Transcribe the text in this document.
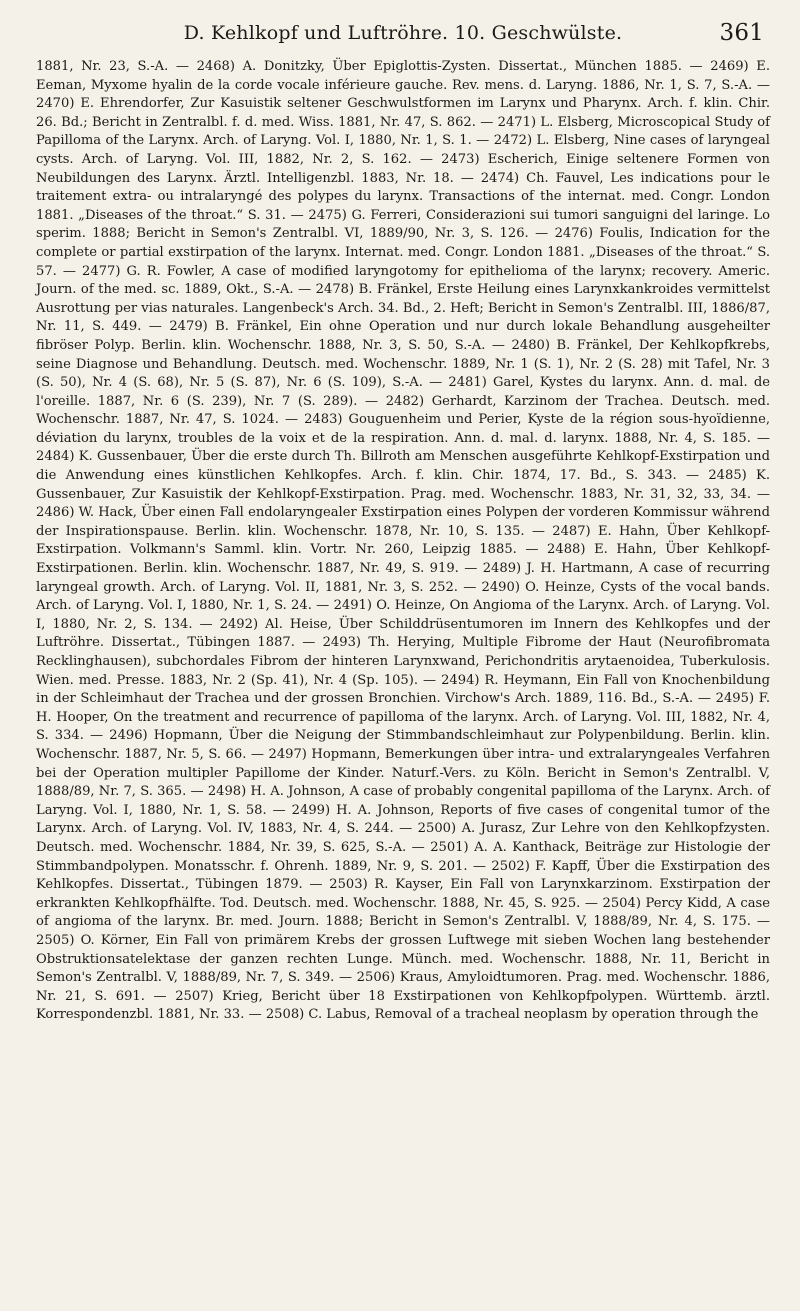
D. Kehlkopf und Luftröhre. 10. Geschwülste.	361
1881, Nr. 23, S.-A. — 2468) A. Donitzky, Über Epiglottis-Zysten. Dissertat., München 1885. — 2469) E. Eeman, Myxome hyalin de la corde vocale inférieure gauche. Rev. mens. d. Laryng. 1886, Nr. 1, S. 7, S.-A. — 2470) E. Ehrendorfer, Zur Kasuistik seltener Geschwulstformen im Larynx und Pharynx. Arch. f. klin. Chir. 26. Bd.; Bericht in Zentralbl. f. d. med. Wiss. 1881, Nr. 47, S. 862. — 2471) L. Elsberg, Microscopical Study of Papilloma of the Larynx. Arch. of Laryng. Vol. I, 1880, Nr. 1, S. 1. — 2472) L. Elsberg, Nine cases of laryngeal cysts. Arch. of Laryng. Vol. III, 1882, Nr. 2, S. 162. — 2473) Escherich, Einige seltenere Formen von Neubildungen des Larynx. Ärztl. Intelligenzbl. 1883, Nr. 18. — 2474) Ch. Fauvel, Les indications pour le traitement extra- ou intralaryngé des polypes du larynx. Transactions of the internat. med. Congr. London 1881. „Diseases of the throat.“ S. 31. — 2475) G. Ferreri, Considerazioni sui tumori sanguigni del laringe. Lo sperim. 1888; Bericht in Semon's Zentralbl. VI, 1889/90, Nr. 3, S. 126. — 2476) Foulis, Indication for the complete or partial exstirpation of the larynx. Internat. med. Congr. London 1881. „Diseases of the throat.“ S. 57. — 2477) G. R. Fowler, A case of modified laryngotomy for epithelioma of the larynx; recovery. Americ. Journ. of the med. sc. 1889, Okt., S.-A. — 2478) B. Fränkel, Erste Heilung eines Larynxkankroides vermittelst Ausrottung per vias naturales. Langenbeck's Arch. 34. Bd., 2. Heft; Bericht in Semon's Zentralbl. III, 1886/87, Nr. 11, S. 449. — 2479) B. Fränkel, Ein ohne Operation und nur durch lokale Behandlung ausgeheilter fibröser Polyp. Berlin. klin. Wochenschr. 1888, Nr. 3, S. 50, S.-A. — 2480) B. Fränkel, Der Kehlkopfkrebs, seine Diagnose und Behandlung. Deutsch. med. Wochenschr. 1889, Nr. 1 (S. 1), Nr. 2 (S. 28) mit Tafel, Nr. 3 (S. 50), Nr. 4 (S. 68), Nr. 5 (S. 87), Nr. 6 (S. 109), S.-A. — 2481) Garel, Kystes du larynx. Ann. d. mal. de l'oreille. 1887, Nr. 6 (S. 239), Nr. 7 (S. 289). — 2482) Gerhardt, Karzinom der Trachea. Deutsch. med. Wochenschr. 1887, Nr. 47, S. 1024. — 2483) Gouguenheim und Perier, Kyste de la région sous-hyoïdienne, déviation du larynx, troubles de la voix et de la respiration. Ann. d. mal. d. larynx. 1888, Nr. 4, S. 185. — 2484) K. Gussenbauer, Über die erste durch Th. Billroth am Menschen ausgeführte Kehlkopf-Exstirpation und die Anwendung eines künstlichen Kehlkopfes. Arch. f. klin. Chir. 1874, 17. Bd., S. 343. — 2485) K. Gussenbauer, Zur Kasuistik der Kehlkopf-Exstirpation. Prag. med. Wochenschr. 1883, Nr. 31, 32, 33, 34. — 2486) W. Hack, Über einen Fall endolaryngealer Exstirpation eines Polypen der vorderen Kommissur während der Inspirationspause. Berlin. klin. Wochenschr. 1878, Nr. 10, S. 135. — 2487) E. Hahn, Über Kehlkopf-Exstirpation. Volkmann's Samml. klin. Vortr. Nr. 260, Leipzig 1885. — 2488) E. Hahn, Über Kehlkopf-Exstirpationen. Berlin. klin. Wochenschr. 1887, Nr. 49, S. 919. — 2489) J. H. Hartmann, A case of recurring laryngeal growth. Arch. of Laryng. Vol. II, 1881, Nr. 3, S. 252. — 2490) O. Heinze, Cysts of the vocal bands. Arch. of Laryng. Vol. I, 1880, Nr. 1, S. 24. — 2491) O. Heinze, On Angioma of the Larynx. Arch. of Laryng. Vol. I, 1880, Nr. 2, S. 134. — 2492) Al. Heise, Über Schilddrüsentumoren im Innern des Kehlkopfes und der Luftröhre. Dissertat., Tübingen 1887. — 2493) Th. Herying, Multiple Fibrome der Haut (Neurofibromata Recklinghausen), subchordales Fibrom der hinteren Larynxwand, Perichondritis arytaenoidea, Tuberkulosis. Wien. med. Presse. 1883, Nr. 2 (Sp. 41), Nr. 4 (Sp. 105). — 2494) R. Heymann, Ein Fall von Knochenbildung in der Schleimhaut der Trachea und der grossen Bronchien. Virchow's Arch. 1889, 116. Bd., S.-A. — 2495) F. H. Hooper, On the treatment and recurrence of papilloma of the larynx. Arch. of Laryng. Vol. III, 1882, Nr. 4, S. 334. — 2496) Hopmann, Über die Neigung der Stimmbandschleimhaut zur Polypenbildung. Berlin. klin. Wochenschr. 1887, Nr. 5, S. 66. — 2497) Hopmann, Bemerkungen über intra- und extralaryngeales Verfahren bei der Operation multipler Papillome der Kinder. Naturf.-Vers. zu Köln. Bericht in Semon's Zentralbl. V, 1888/89, Nr. 7, S. 365. — 2498) H. A. Johnson, A case of probably congenital papilloma of the Larynx. Arch. of Laryng. Vol. I, 1880, Nr. 1, S. 58. — 2499) H. A. Johnson, Reports of five cases of congenital tumor of the Larynx. Arch. of Laryng. Vol. IV, 1883, Nr. 4, S. 244. — 2500) A. Jurasz, Zur Lehre von den Kehlkopfzysten. Deutsch. med. Wochenschr. 1884, Nr. 39, S. 625, S.-A. — 2501) A. A. Kanthack, Beiträge zur Histologie der Stimmbandpolypen. Monatsschr. f. Ohrenh. 1889, Nr. 9, S. 201. — 2502) F. Kapff, Über die Exstirpation des Kehlkopfes. Dissertat., Tübingen 1879. — 2503) R. Kayser, Ein Fall von Larynxkarzinom. Exstirpation der erkrankten Kehlkopfhälfte. Tod. Deutsch. med. Wochenschr. 1888, Nr. 45, S. 925. — 2504) Percy Kidd, A case of angioma of the larynx. Br. med. Journ. 1888; Bericht in Semon's Zentralbl. V, 1888/89, Nr. 4, S. 175. — 2505) O. Körner, Ein Fall von primärem Krebs der grossen Luftwege mit sieben Wochen lang bestehender Obstruktionsatelektase der ganzen rechten Lunge. Münch. med. Wochenschr. 1888, Nr. 11, Bericht in Semon's Zentralbl. V, 1888/89, Nr. 7, S. 349. — 2506) Kraus, Amyloidtumoren. Prag. med. Wochenschr. 1886, Nr. 21, S. 691. — 2507) Krieg, Bericht über 18 Exstirpationen von Kehlkopfpolypen. Württemb. ärztl. Korrespondenzbl. 1881, Nr. 33. — 2508) C. Labus, Removal of a tracheal neoplasm by operation through the
